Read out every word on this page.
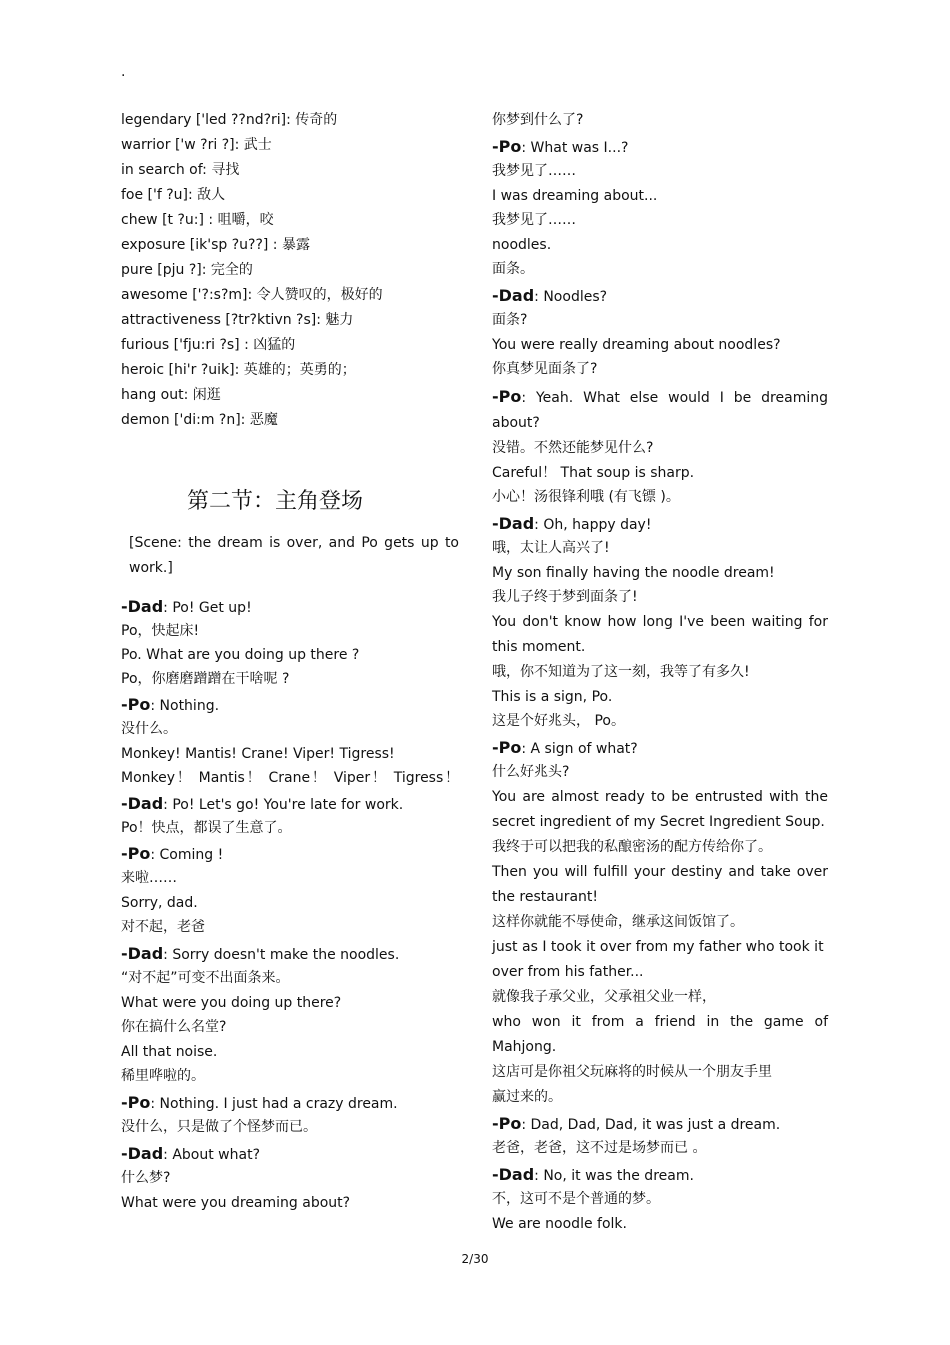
.
legendary ['led ??nd?ri]: 传奇的
warrior ['w ?ri ?]: 武士
in search of: 寻找
foe ['f ?u]: 敌人
chew [t ?u:] : 咀嚼，咬
exposure [ik'sp ?u??] : 暴露
pure [pju ?]: 完全的
awesome ['?:s?m]: 令人赞叹的，极好的
attractiveness [?tr?ktivn ?s]: 魅力
furious ['fju:ri ?s] : 凶猛的
heroic [hi'r ?uik]: 英雄的；英勇的；
hang out: 闲逛
demon ['di:m ?n]: 恶魔
第二节：主角登场
[Scene: the dream is over, and Po gets up to work.]
-Dad: Po! Get up!
Po，快起床!
Po. What are you doing up there ?
Po，你磨磨蹭蹭在干啥呢 ?
-Po: Nothing.
没什么。
Monkey! Mantis! Crane! Viper! Tigress!
Monkey！ Mantis！ Crane！ Viper！ Tigress！
-Dad: Po! Let's go! You're late for work.
Po！快点，都误了生意了。
-Po: Coming !
来啦……
Sorry, dad.
对不起，老爸
-Dad: Sorry doesn't make the noodles.
“对不起”可变不出面条来。
What were you doing up there?
你在搞什么名堂?
All that noise.
稀里哗啦的。
-Po: Nothing. I just had a crazy dream.
没什么，只是做了个怪梦而已。
-Dad: About what?
什么梦?
What were you dreaming about?
你梦到什么了?
-Po: What was I...?
我梦见了……
I was dreaming about...
我梦见了……
noodles.
面条。
-Dad: Noodles?
面条?
You were really dreaming about noodles?
你真梦见面条了?
-Po: Yeah. What else would I be dreaming about?
没错。不然还能梦见什么?
Careful！ That soup is sharp.
小心！汤很锋利哦 (有飞镖 )。
-Dad: Oh, happy day!
哦，太让人高兴了!
My son finally having the noodle dream!
我儿子终于梦到面条了!
You don't know how long I've been waiting for this moment.
哦，你不知道为了这一刻，我等了有多久!
This is a sign, Po.
这是个好兆头， Po。
-Po: A sign of what?
什么好兆头?
You are almost ready to be entrusted with the secret ingredient of my Secret Ingredient Soup.
我终于可以把我的私酿密汤的配方传给你了。
Then you will fulfill your destiny and take over the restaurant!
这样你就能不辱使命，继承这间饭馆了。
just as I took it over from my father who took it over from his father...
就像我子承父业，父承祖父业一样，
who won it from a friend in the game of Mahjong.
这店可是你祖父玩麻将的时候从一个朋友手里
赢过来的。
-Po: Dad, Dad, Dad, it was just a dream.
老爸，老爸，这不过是场梦而已 。
-Dad: No, it was the dream.
不，这可不是个普通的梦。
We are noodle folk.
2/30
